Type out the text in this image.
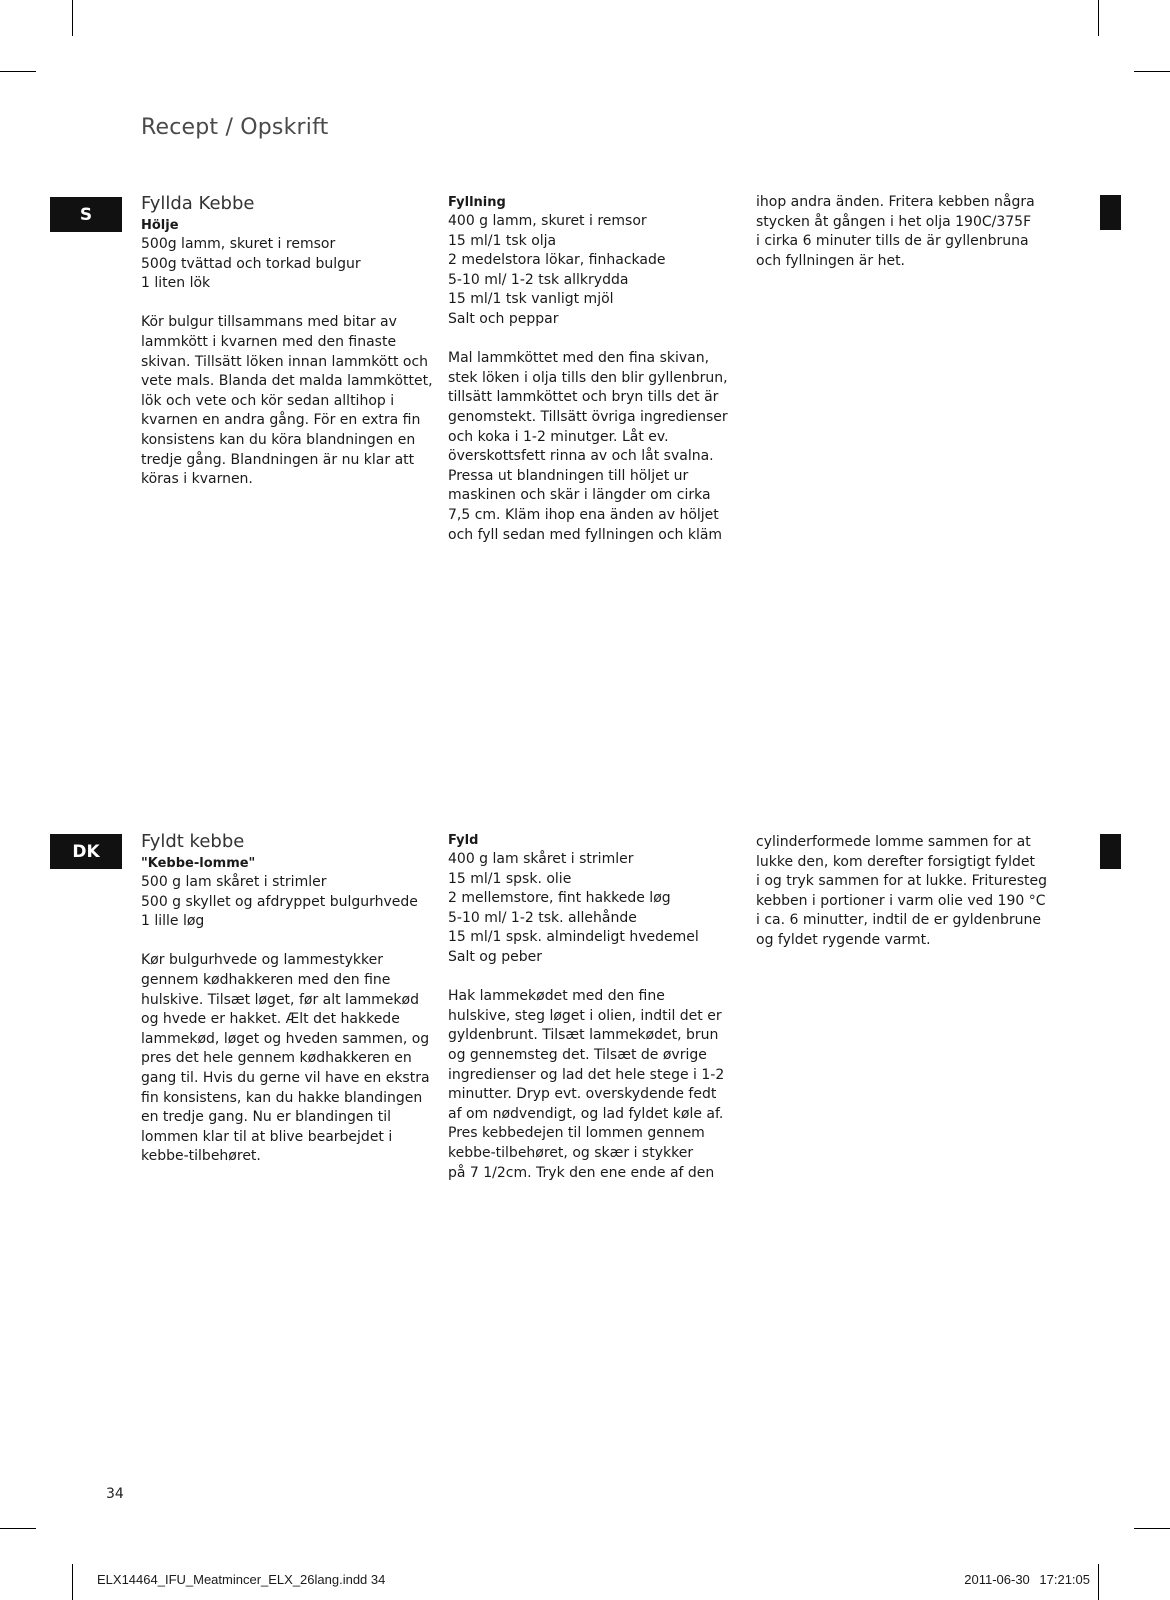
Recept / Opskrift
S
Fyllda Kebbe
Hölje
500g lamm, skuret i remsor
500g tvättad och torkad bulgur
1 liten lök
Kör bulgur tillsammans med bitar av
lammkött i kvarnen med den finaste
skivan. Tillsätt löken innan lammkött och
vete mals. Blanda det malda lammköttet,
lök och vete och kör sedan alltihop i
kvarnen en andra gång. För en extra fin
konsistens kan du köra blandningen en
tredje gång. Blandningen är nu klar att
köras i kvarnen.
Fyllning
400 g lamm, skuret i remsor
15 ml/1 tsk olja
2 medelstora lökar, finhackade
5-10 ml/ 1-2 tsk allkrydda
15 ml/1 tsk vanligt mjöl
Salt och peppar
Mal lammköttet med den fina skivan,
stek löken i olja tills den blir gyllenbrun,
tillsätt lammköttet och bryn tills det är
genomstekt. Tillsätt övriga ingredienser
och koka i 1-2 minutger. Låt ev.
överskottsfett rinna av och låt svalna.
Pressa ut blandningen till höljet ur
maskinen och skär i längder om cirka
7,5 cm. Kläm ihop ena änden av höljet
och fyll sedan med fyllningen och kläm
ihop andra änden. Fritera kebben några
stycken åt gången i het olja 190C/375F
i cirka 6 minuter tills de är gyllenbruna
och fyllningen är het.
DK Fyldt kebbe
"Kebbe-lomme"
500 g lam skåret i strimler
500 g skyllet og afdryppet bulgurhvede
1 lille løg
Kør bulgurhvede og lammestykker
gennem kødhakkeren med den fine
hulskive. Tilsæt løget, før alt lammekød
og hvede er hakket. Ælt det hakkede
lammekød, løget og hveden sammen, og
pres det hele gennem kødhakkeren en
gang til. Hvis du gerne vil have en ekstra
fin konsistens, kan du hakke blandingen
en tredje gang. Nu er blandingen til
lommen klar til at blive bearbejdet i
kebbe-tilbehøret.
Fyld
400 g lam skåret i strimler
15 ml/1 spsk. olie
2 mellemstore, fint hakkede løg
5-10 ml/ 1-2 tsk. allehånde
15 ml/1 spsk. almindeligt hvedemel
Salt og peber
Hak lammekødet med den fine
hulskive, steg løget i olien, indtil det er
gyldenbrunt. Tilsæt lammekødet, brun
og gennemsteg det. Tilsæt de øvrige
ingredienser og lad det hele stege i 1-2
minutter. Dryp evt. overskydende fedt
af om nødvendigt, og lad fyldet køle af.
Pres kebbedejen til lommen gennem
kebbe-tilbehøret, og skær i stykker
på 7 1/2cm. Tryk den ene ende af den
cylinderformede lomme sammen for at
lukke den, kom derefter forsigtigt fyldet
i og tryk sammen for at lukke. Frituresteg
kebben i portioner i varm olie ved 190 °C
i ca. 6 minutter, indtil de er gyldenbrune
og fyldet rygende varmt.
34
ELX14464_IFU_Meatmincer_ELX_26lang.indd 34	2011-06-30 17:21:05
